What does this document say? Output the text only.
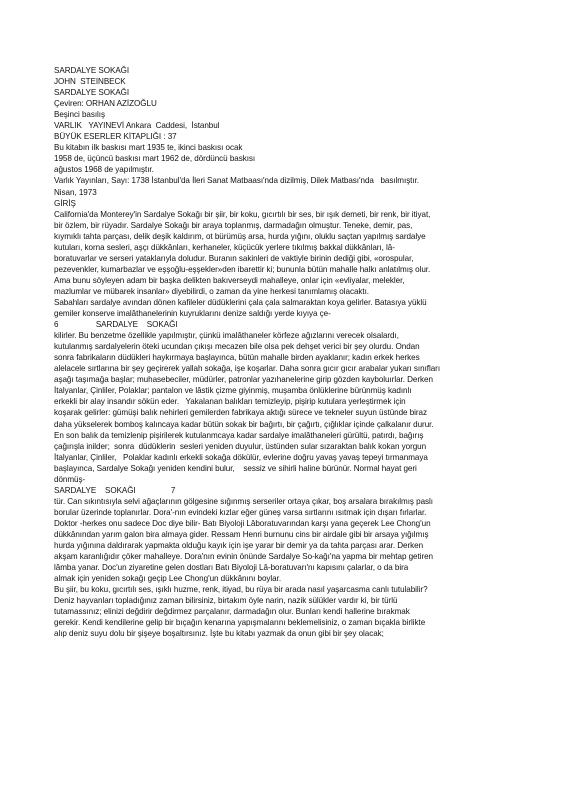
SARDALYE SOKAĞI
JOHN  STEINBECK
SARDALYE SOKAĞI
Çeviren: ORHAN AZİZOĞLU
Beşinci basılış
VARLIK   YAYINEVİ Ankara  Caddesi,  İstanbul
BÜYÜK ESERLER KİTAPLIĞI : 37
Bu kitabın ilk baskısı mart 1935 te, ikinci baskısı ocak
1958 de, üçüncü baskısı mart 1962 de, dördüncü baskısı
ağustos 1968 de yapılmıştır.
Varlık Yayınları, Sayı: 1738 İstanbul'da İleri Sanat Matbaası'nda dizilmiş, Dilek Matbası'nda   basılmıştır.
Nisan, 1973
GİRİŞ
California'da Monterey'in Sardalye Sokağı bir şiir, bir koku, gıcırtılı bir ses, bir ışık demeti, bir renk, bir itiyat,
bir özlem, bir rüyadır. Sardalye Sokağı bir araya toplanmış, darmadağın olmuştur. Teneke, demir, pas,
kıymıklı tahta parçası, delik deşik kaldırım, ot bürümüş arsa, hurda yığını, oluklu saçtan yapılmış sardalye
kutuları, korna sesleri, aşçı dükkânları, kerhaneler, küçücük yerlere tıkılmış bakkal dükkânları, lâ-
boratuvarlar ve serseri yataklarıyla doludur. Buranın sakinleri de vaktiyle birinin dediği gibi, «orospular,
pezevenkler, kumarbazlar ve eşşoğlu-eşşekler»den ibarettir ki; bununla bütün mahalle halkı anlatılmış olur.
Ama bunu söyleyen adam bir başka delikten bakıverseydi mahalleye, onlar için «evliyalar, melekler,
mazlumlar ve mübarek insanlar» diyebilirdi, o zaman da yine herkesi tanımlamış olacaktı.
Sabahları sardalye avından dönen kafileler düdüklerini çala çala salmaraktan koya gelirler. Batasıya yüklü
gemiler konserve imalâthanelerinin kuyruklarını denize saldığı yerde kıyıya çe-
6                 SARDALYE    SOKAĞI
kilirler. Bu benzetme özellikle yapılmıştır, çünkü imalâthaneler körfeze ağızlarını verecek olsalardı,
kutulanmış sardalyelerin öteki ucundan çıkışı mecazen bile olsa pek dehşet verici bir şey olurdu. Ondan
sonra fabrikaların düdükleri haykırmaya başlayınca, bütün mahalle birden ayaklanır; kadın erkek herkes
alelacele sırtlarına bir şey geçirerek yallah sokağa, işe koşarlar. Daha sonra gıcır gıcır arabalar yukarı sınıfları
aşağı taşımağa başlar; muhasebeciler, müdürler, patronlar yazıhanelerine girip gözden kayboluırlar. Derken
İtalyanlar, Çinliler, Polaklar; pantalon ve lâstik çizme giyinmiş, muşamba önlüklerine bürünmüş kadınlı
erkekli bir alay insandır sökün eder.   Yakalanan balıkları temizleyip, pişirip kutulara yerleştirmek için
koşarak gelirler: gümüşi balık nehirleri gemilerden fabrikaya aktığı sürece ve tekneler suyun üstünde biraz
daha yükselerek bomboş kalıncaya kadar bütün sokak bir bağırtı, bir çağırtı, çığlıklar içinde çalkalanır durur.
En son balık da temizlenip pişirilerek kutulanmcaya kadar sardalye imalâthaneleri gürültü, patırdı, bağırış
çağırışla inilder;  sonra  düdüklerin  sesleri yeniden duyulur, üstünden sular sızaraktan balık kokan yorgun
İtalyanlar, Çinliler,   Polaklar kadınlı erkekli sokağa dökülür, evlerine doğru yavaş yavaş tepeyi tırmanmaya
başlayınca, Sardalye Sokağı yeniden kendini bulur,    sessiz ve sihirli haline bürünür. Normal hayat geri
dönmüş-
SARDALYE    SOKAĞI                7
tür. Can sıkıntısıyla selvi ağaçlarının gölgesine sığınmış serseriler ortaya çıkar, boş arsalara bırakılmış paslı
borular üzerinde toplanırlar. Dora'-nın evindeki kızlar eğer güneş varsa sırtlarını ısıtmak için dışarı fırlarlar.
Doktor -herkes onu sadece Doc diye bilir- Batı Biyoloji Lâboratuvarından karşı yana geçerek Lee Chong'un
dükkânından yarım galon bira almaya gider. Ressam Henri burnunu cins bir airdale gibi bir arsaya yığılmış
hurda yığınına daldırarak yapmakta olduğu kayık için işe yarar bir demir ya da tahta parçası arar. Derken
akşam karanlığıdır çöker mahalleye. Dora'nın evinin önünde Sardalye So-kağı'na yapma bir mehtap getiren
lâmba yanar. Doc'un ziyaretine gelen dostları Batı Biyoloji Lâ-boratuvarı'nı kapısını çalarlar, o da bira
almak için yeniden sokağı geçip Lee Chong'un dükkânını boylar.
Bu şiir, bu koku, gıcırtılı ses, ışıklı huzme, renk, itiyad, bu rüya bir arada nasıl yaşarcasma canlı tutulabilir?
Deniz hayvanları topladığınız zaman bilirsiniz, birtakım öyle narin, nazik sülükler vardır ki, bir türlü
tutamassınız; elinizi değdirir değdirmez parçalanır, darmadağın olur. Bunları kendi hallerine bırakmak
gerekir. Kendi kendilerine gelip bir bıçağın kenarına yapışmalarını beklemelisiniz, o zaman bıçakla birlikte
alıp deniz suyu dolu bir şişeye boşaltırsınız. İşte bu kitabı yazmak da onun gibi bir şey olacak;
